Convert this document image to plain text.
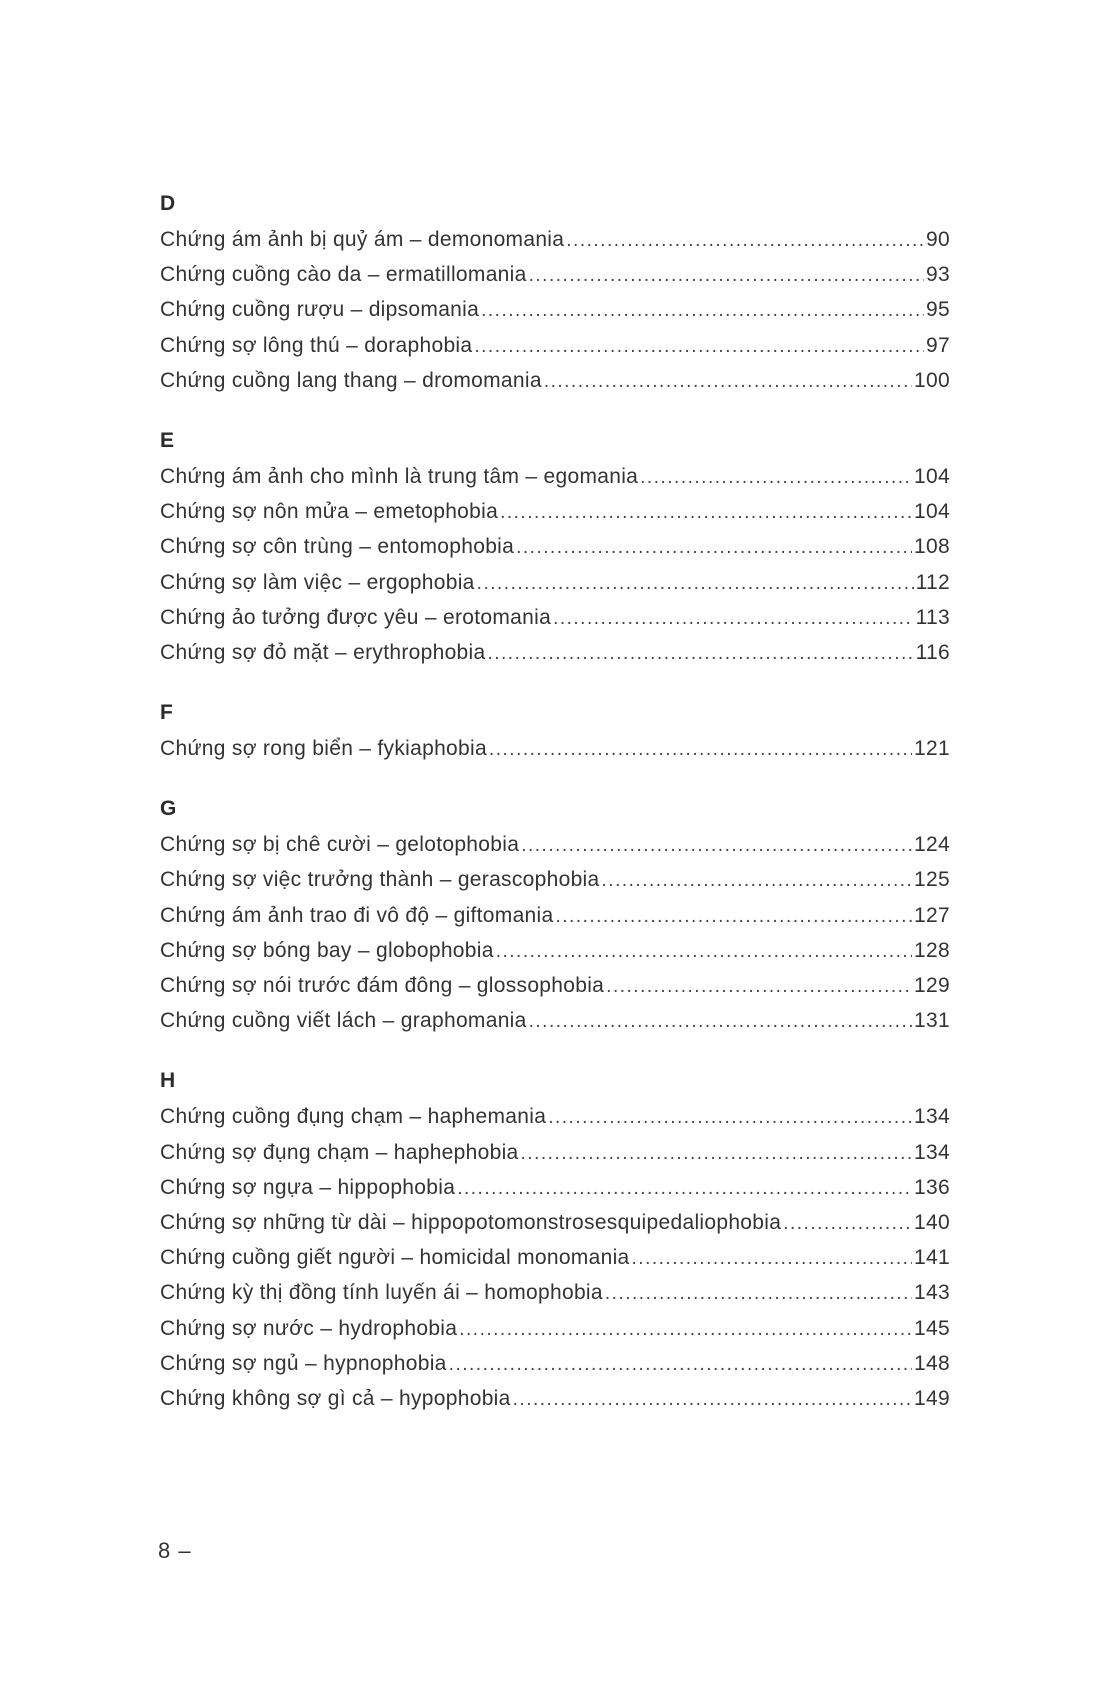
D
Chứng ám ảnh bị quỷ ám – demonomania .....	90
Chứng cuồng cào da – ermatillomania .....	93
Chứng cuồng rượu – dipsomania .....	95
Chứng sợ lông thú – doraphobia .....	97
Chứng cuồng lang thang – dromomania .....	100
E
Chứng ám ảnh cho mình là trung tâm – egomania .....	104
Chứng sợ nôn mửa – emetophobia .....	104
Chứng sợ côn trùng – entomophobia .....	108
Chứng sợ làm việc – ergophobia .....	112
Chứng ảo tưởng được yêu – erotomania .....	113
Chứng sợ đỏ mặt – erythrophobia .....	116
F
Chứng sợ rong biển – fykiaphobia .....	121
G
Chứng sợ bị chê cười – gelotophobia .....	124
Chứng sợ việc trưởng thành – gerascophobia .....	125
Chứng ám ảnh trao đi vô độ – giftomania .....	127
Chứng sợ bóng bay – globophobia .....	128
Chứng sợ nói trước đám đông – glossophobia .....	129
Chứng cuồng viết lách – graphomania .....	131
H
Chứng cuồng đụng chạm – haphemania .....	134
Chứng sợ đụng chạm – haphephobia .....	134
Chứng sợ ngựa – hippophobia .....	136
Chứng sợ những từ dài – hippopotomonstrosesquipedaliophobia .....	140
Chứng cuồng giết người – homicidal monomania .....	141
Chứng kỳ thị đồng tính luyến ái – homophobia .....	143
Chứng sợ nước – hydrophobia .....	145
Chứng sợ ngủ – hypnophobia .....	148
Chứng không sợ gì cả – hypophobia .....	149
8 –
